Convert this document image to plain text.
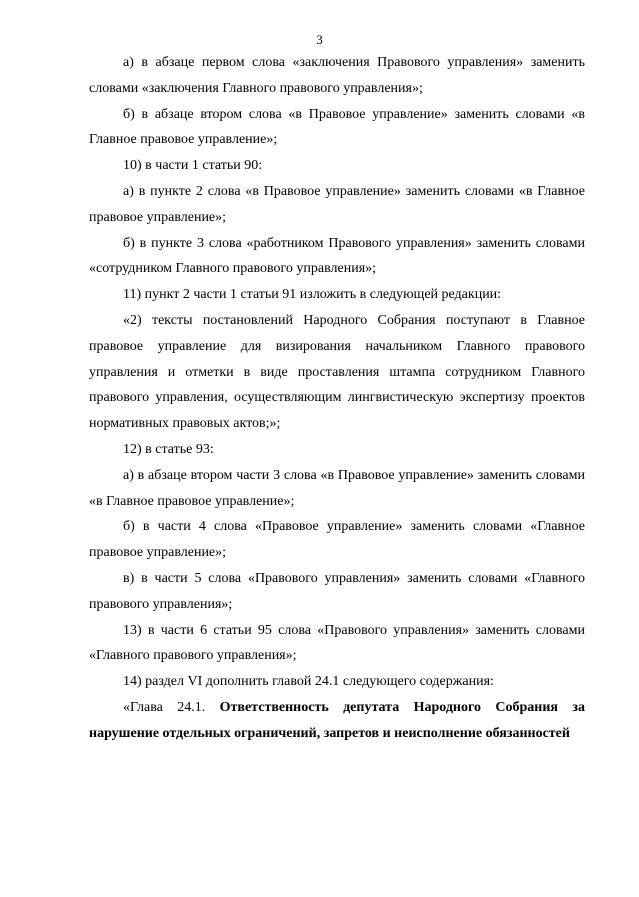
3

а) в абзаце первом слова «заключения Правового управления» заменить словами «заключения Главного правового управления»;

б) в абзаце втором слова «в Правовое управление» заменить словами «в Главное правовое управление»;

10) в части 1 статьи 90:

а) в пункте 2 слова «в Правовое управление» заменить словами «в Главное правовое управление»;

б) в пункте 3 слова «работником Правового управления» заменить словами «сотрудником Главного правового управления»;

11) пункт 2 части 1 статьи 91 изложить в следующей редакции:

«2) тексты постановлений Народного Собрания поступают в Главное правовое управление для визирования начальником Главного правового управления и отметки в виде проставления штампа сотрудником Главного правового управления, осуществляющим лингвистическую экспертизу проектов нормативных правовых актов;»;

12) в статье 93:

а) в абзаце втором части 3 слова «в Правовое управление» заменить словами «в Главное правовое управление»;

б) в части 4 слова «Правовое управление» заменить словами «Главное правовое управление»;

в) в части 5 слова «Правового управления» заменить словами «Главного правового управления»;

13) в части 6 статьи 95 слова «Правового управления» заменить словами «Главного правового управления»;

14) раздел VI дополнить главой 24.1 следующего содержания:

«Глава 24.1. Ответственность депутата Народного Собрания за нарушение отдельных ограничений, запретов и неисполнение обязанностей
